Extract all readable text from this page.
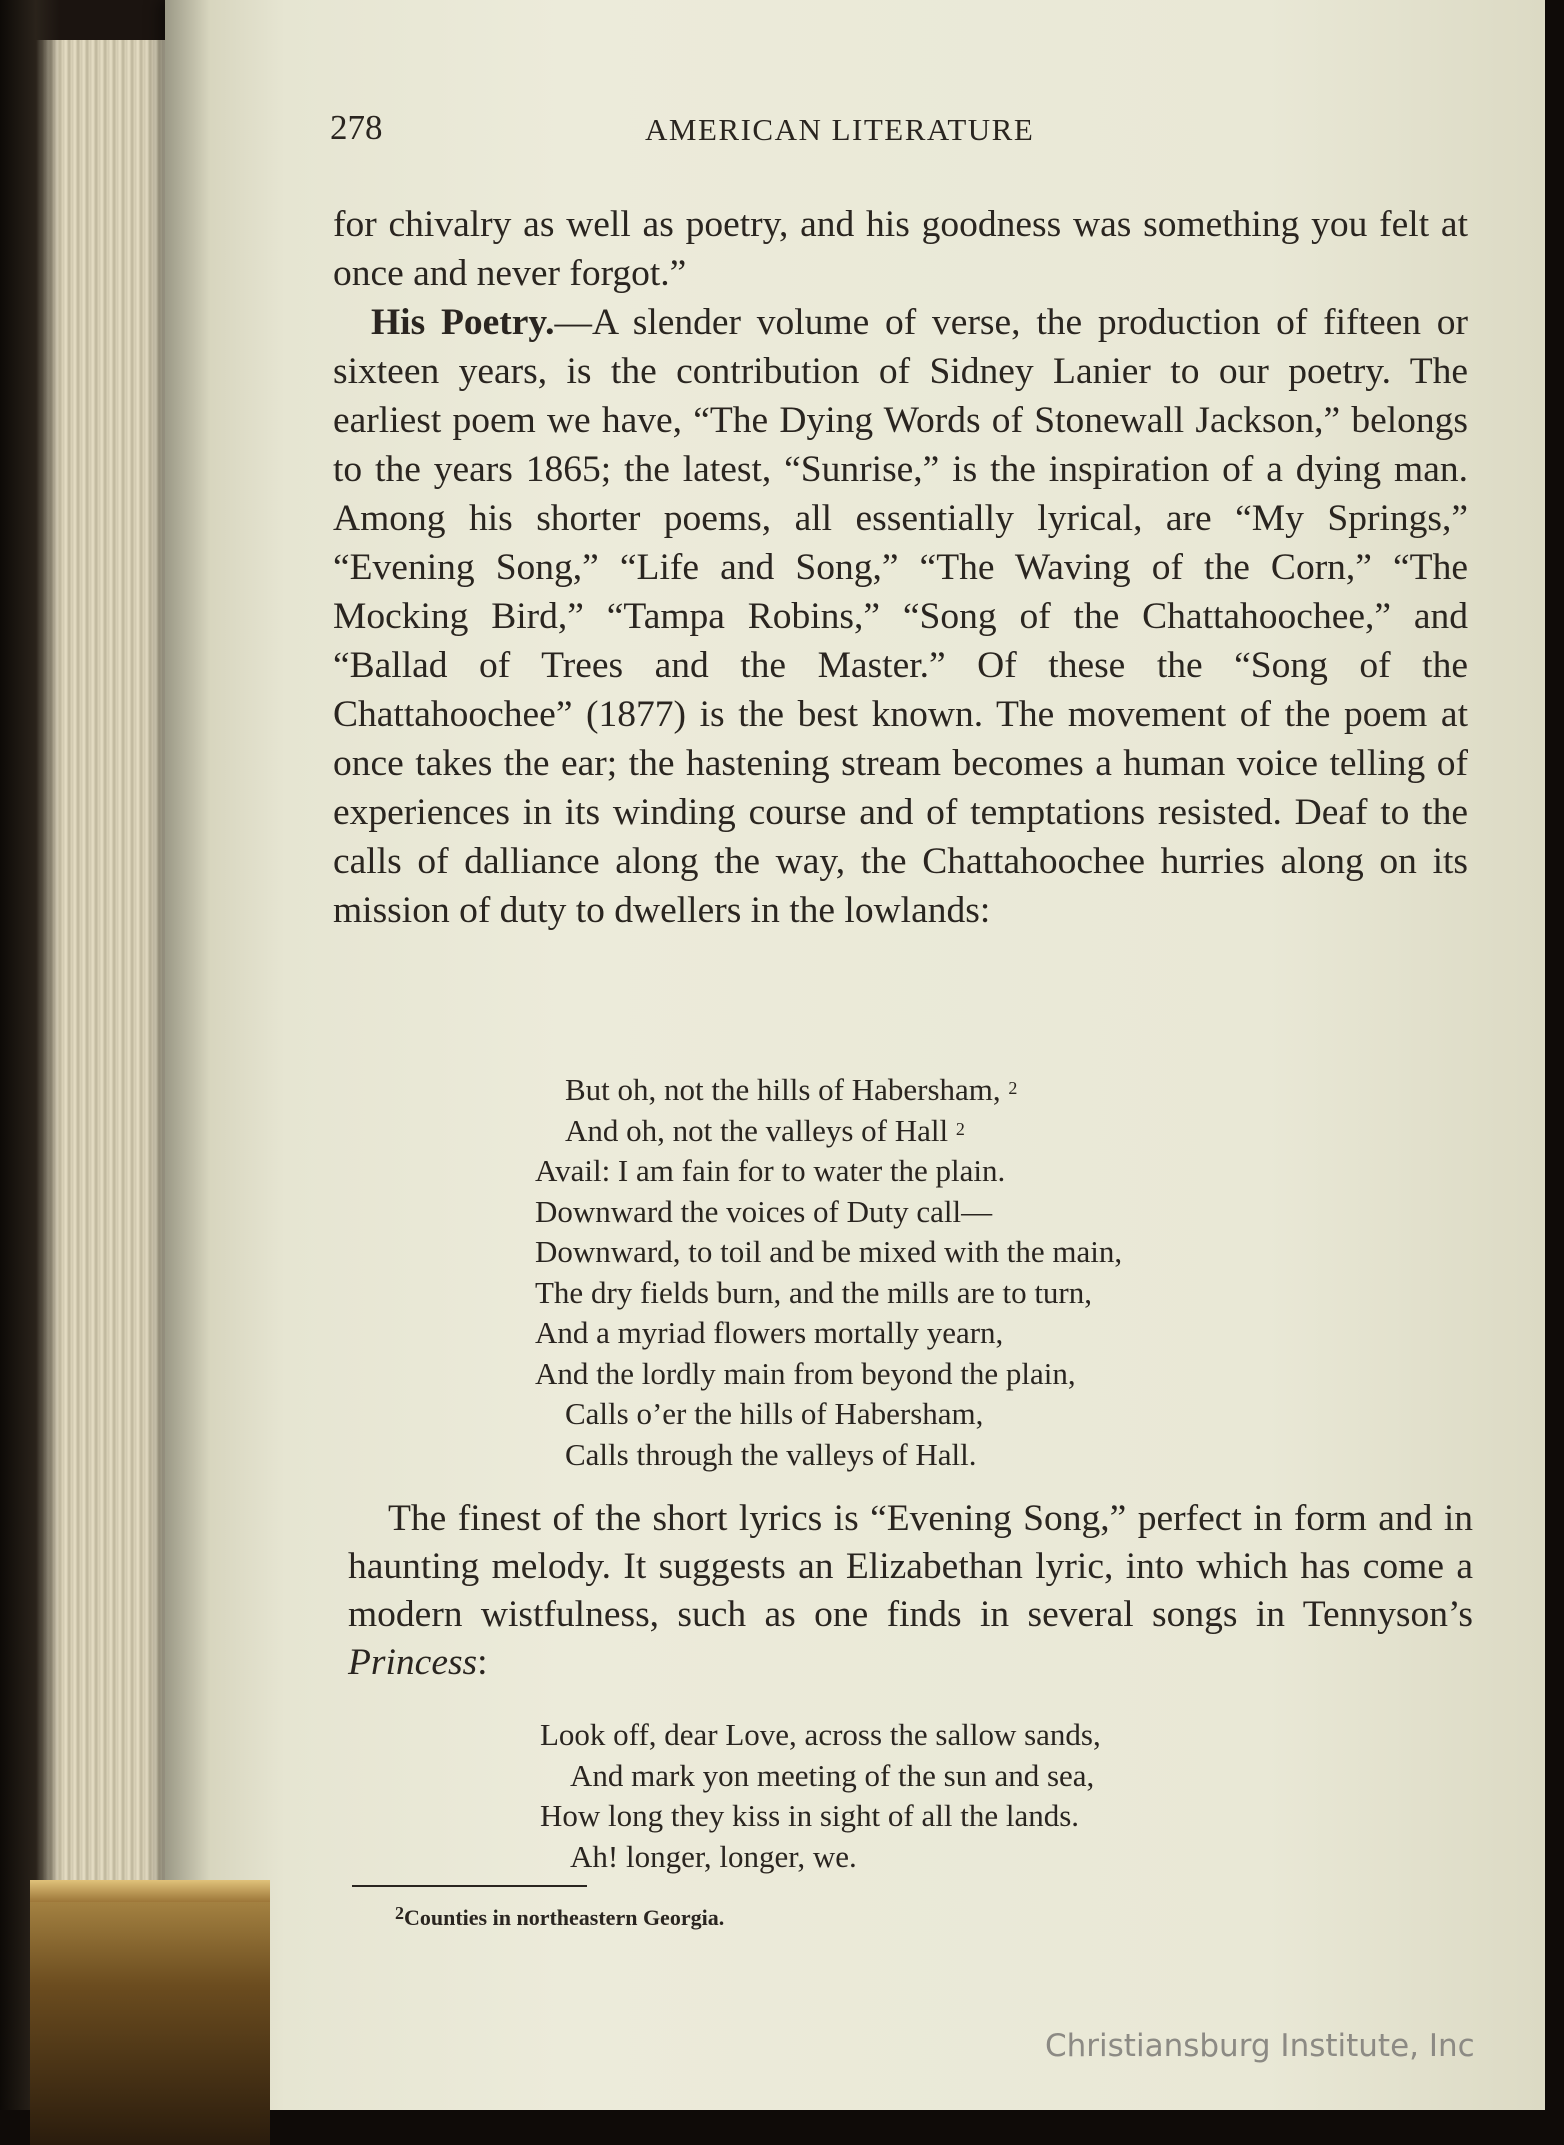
278	AMERICAN LITERATURE

for chivalry as well as poetry, and his goodness was something you felt at once and never forgot.”

His Poetry.—A slender volume of verse, the production of fifteen or sixteen years, is the contribution of Sidney Lanier to our poetry. The earliest poem we have, “The Dying Words of Stonewall Jackson,” belongs to the years 1865; the latest, “Sunrise,” is the inspiration of a dying man. Among his shorter poems, all essentially lyrical, are “My Springs,” “Evening Song,” “Life and Song,” “The Waving of the Corn,” “The Mocking Bird,” “Tampa Robins,” “Song of the Chattahoochee,” and “Ballad of Trees and the Master.” Of these the “Song of the Chattahoochee” (1877) is the best known. The movement of the poem at once takes the ear; the hastening stream becomes a human voice telling of experiences in its winding course and of temptations resisted. Deaf to the calls of dalliance along the way, the Chattahoochee hurries along on its mission of duty to dwellers in the lowlands:

But oh, not the hills of Habersham, $^2$
And oh, not the valleys of Hall $^2$
Avail: I am fain for to water the plain.
Downward the voices of Duty call—
Downward, to toil and be mixed with the main,
The dry fields burn, and the mills are to turn,
And a myriad flowers mortally yearn,
And the lordly main from beyond the plain,
Calls o’er the hills of Habersham,
Calls through the valleys of Hall.

The finest of the short lyrics is “Evening Song,” perfect in form and in haunting melody. It suggests an Elizabethan lyric, into which has come a modern wistfulness, such as one finds in several songs in Tennyson’s Princess:

Look off, dear Love, across the sallow sands,
And mark yon meeting of the sun and sea,
How long they kiss in sight of all the lands.
Ah! longer, longer, we.
$^2$Counties in northeastern Georgia.
Christiansburg Institute, Inc
